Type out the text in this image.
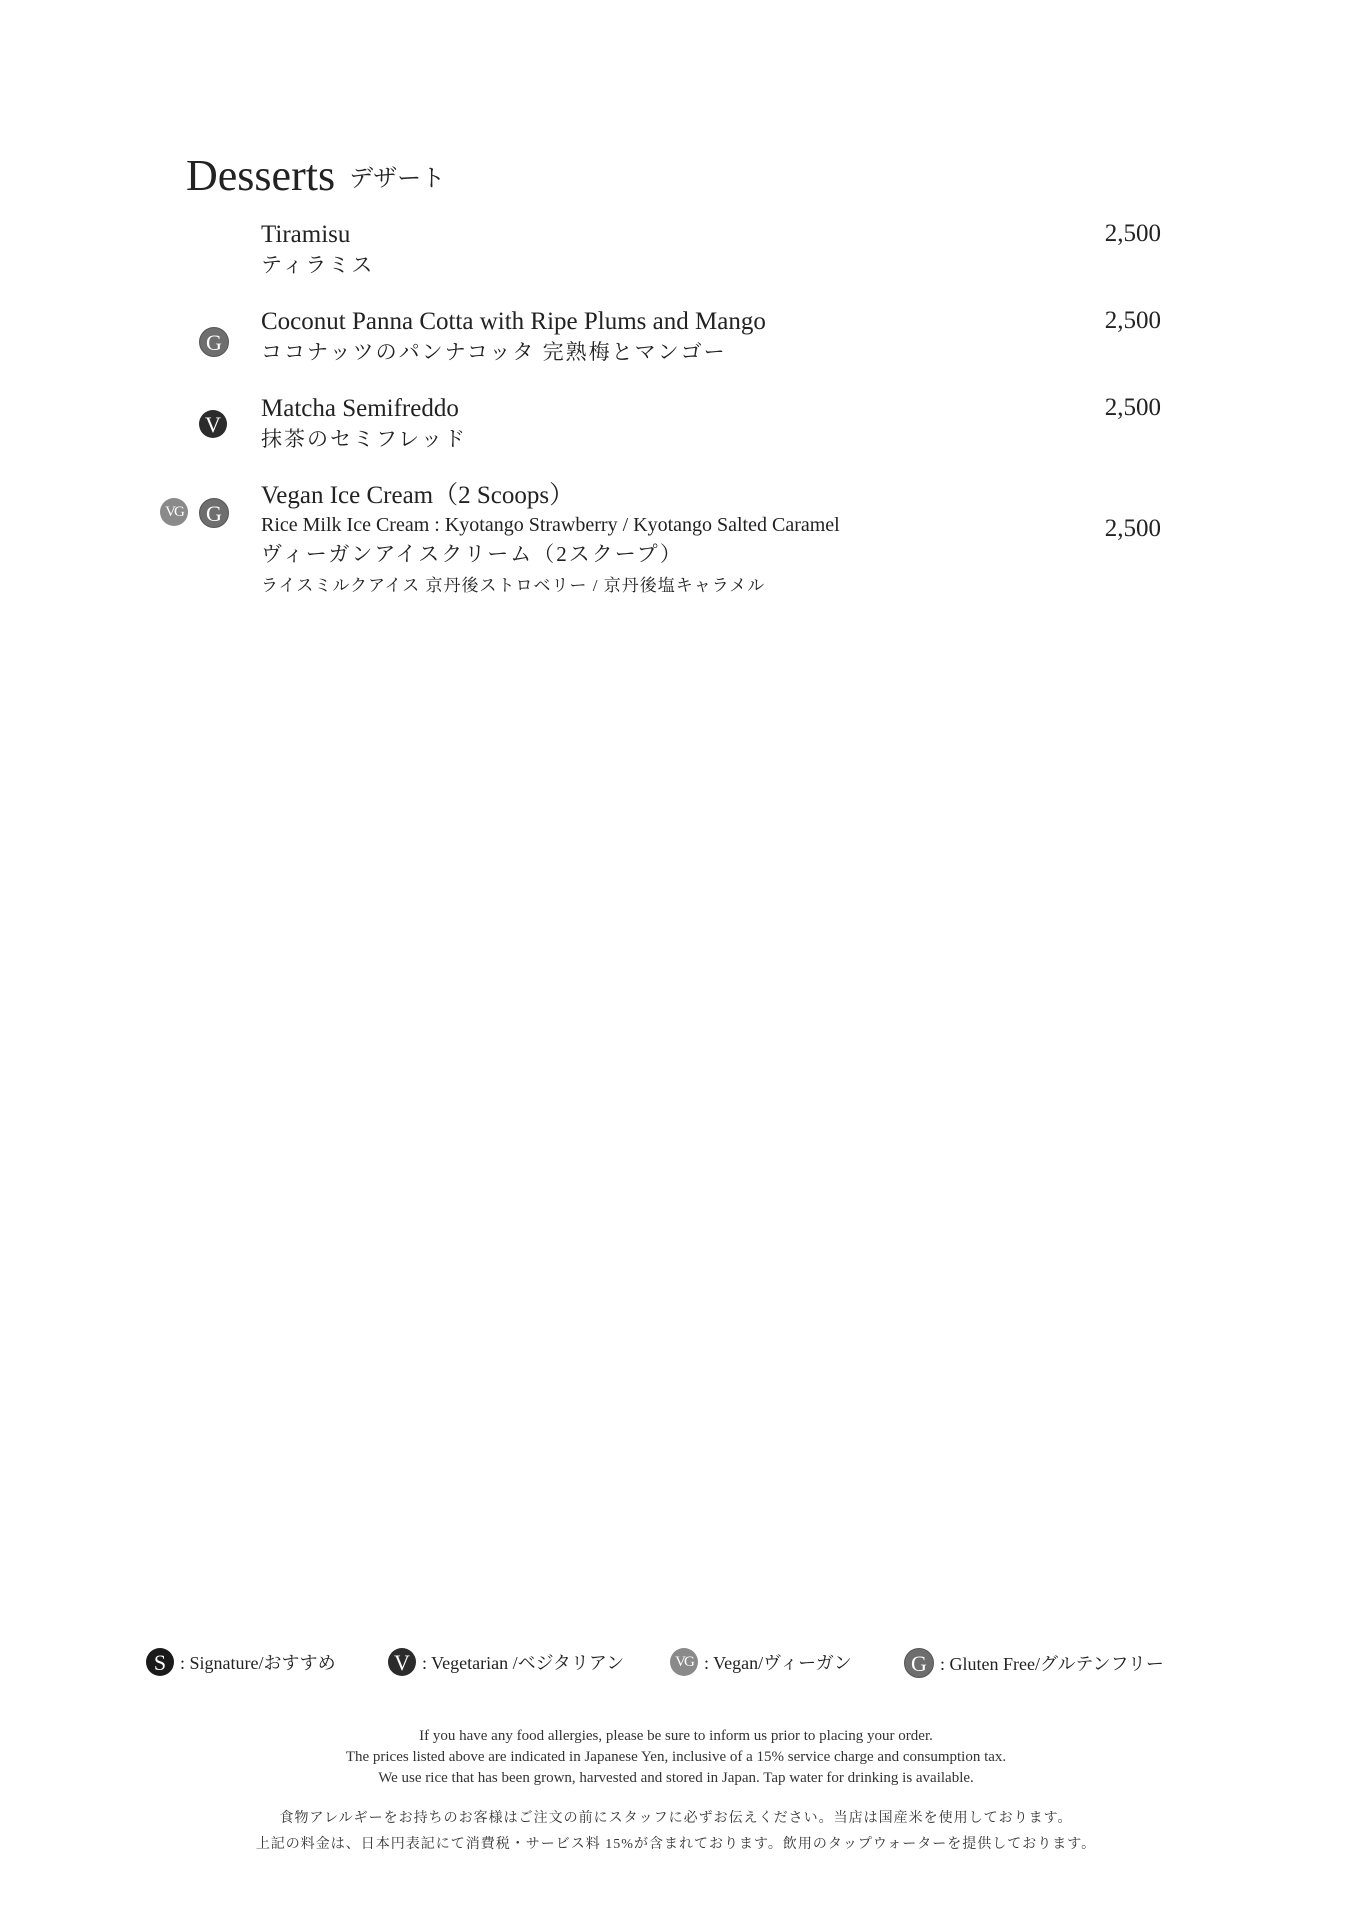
Desserts デザート
2,500
Tiramisu
ティラミス
G
2,500
Coconut Panna Cotta with Ripe Plums and Mango
ココナッツのパンナコッタ 完熟梅とマンゴー
V
2,500
Matcha Semifreddo
抹茶のセミフレッド
VG	G
2,500
Vegan Ice Cream（2 Scoops）
Rice Milk Ice Cream : Kyotango Strawberry / Kyotango Salted Caramel
ヴィーガンアイスクリーム（2スクープ）
ライスミルクアイス 京丹後ストロベリー / 京丹後塩キャラメル
S : Signature/おすすめ	V : Vegetarian /ベジタリアン	VG : Vegan/ヴィーガン	G : Gluten Free/グルテンフリー
If you have any food allergies, please be sure to inform us prior to placing your order.
The prices listed above are indicated in Japanese Yen, inclusive of a 15% service charge and consumption tax.
We use rice that has been grown, harvested and stored in Japan. Tap water for drinking is available.
食物アレルギーをお持ちのお客様はご注文の前にスタッフに必ずお伝えください。当店は国産米を使用しております。
上記の料金は、日本円表記にて消費税・サービス料 15%が含まれております。飲用のタップウォーターを提供しております。
